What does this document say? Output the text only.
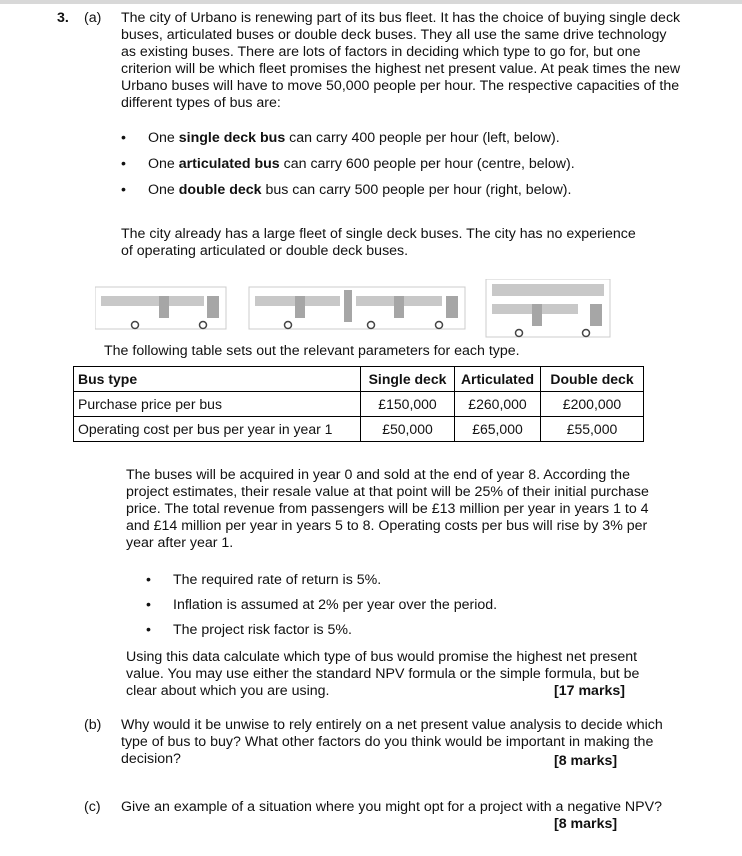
3. (a) The city of Urbano is renewing part of its bus fleet. It has the choice of buying single deck buses, articulated buses or double deck buses. They all use the same drive technology as existing buses. There are lots of factors in deciding which type to go for, but one criterion will be which fleet promises the highest net present value. At peak times the new Urbano buses will have to move 50,000 people per hour. The respective capacities of the different types of bus are:

• One single deck bus can carry 400 people per hour (left, below).
• One articulated bus can carry 600 people per hour (centre, below).
• One double deck bus can carry 500 people per hour (right, below).

The city already has a large fleet of single deck buses. The city has no experience of operating articulated or double deck buses.

The following table sets out the relevant parameters for each type.

Bus type	Single deck	Articulated	Double deck
Purchase price per bus	£150,000	£260,000	£200,000
Operating cost per bus per year in year 1	£50,000	£65,000	£55,000

The buses will be acquired in year 0 and sold at the end of year 8. According the project estimates, their resale value at that point will be 25% of their initial purchase price. The total revenue from passengers will be £13 million per year in years 1 to 4 and £14 million per year in years 5 to 8. Operating costs per bus will rise by 3% per year after year 1.

• The required rate of return is 5%.
• Inflation is assumed at 2% per year over the period.
• The project risk factor is 5%.

Using this data calculate which type of bus would promise the highest net present value. You may use either the standard NPV formula or the simple formula, but be clear about which you are using.	[17 marks]
(b) Why would it be unwise to rely entirely on a net present value analysis to decide which type of bus to buy? What other factors do you think would be important in making the decision?	[8 marks]
(c) Give an example of a situation where you might opt for a project with a negative NPV?

[8 marks]
